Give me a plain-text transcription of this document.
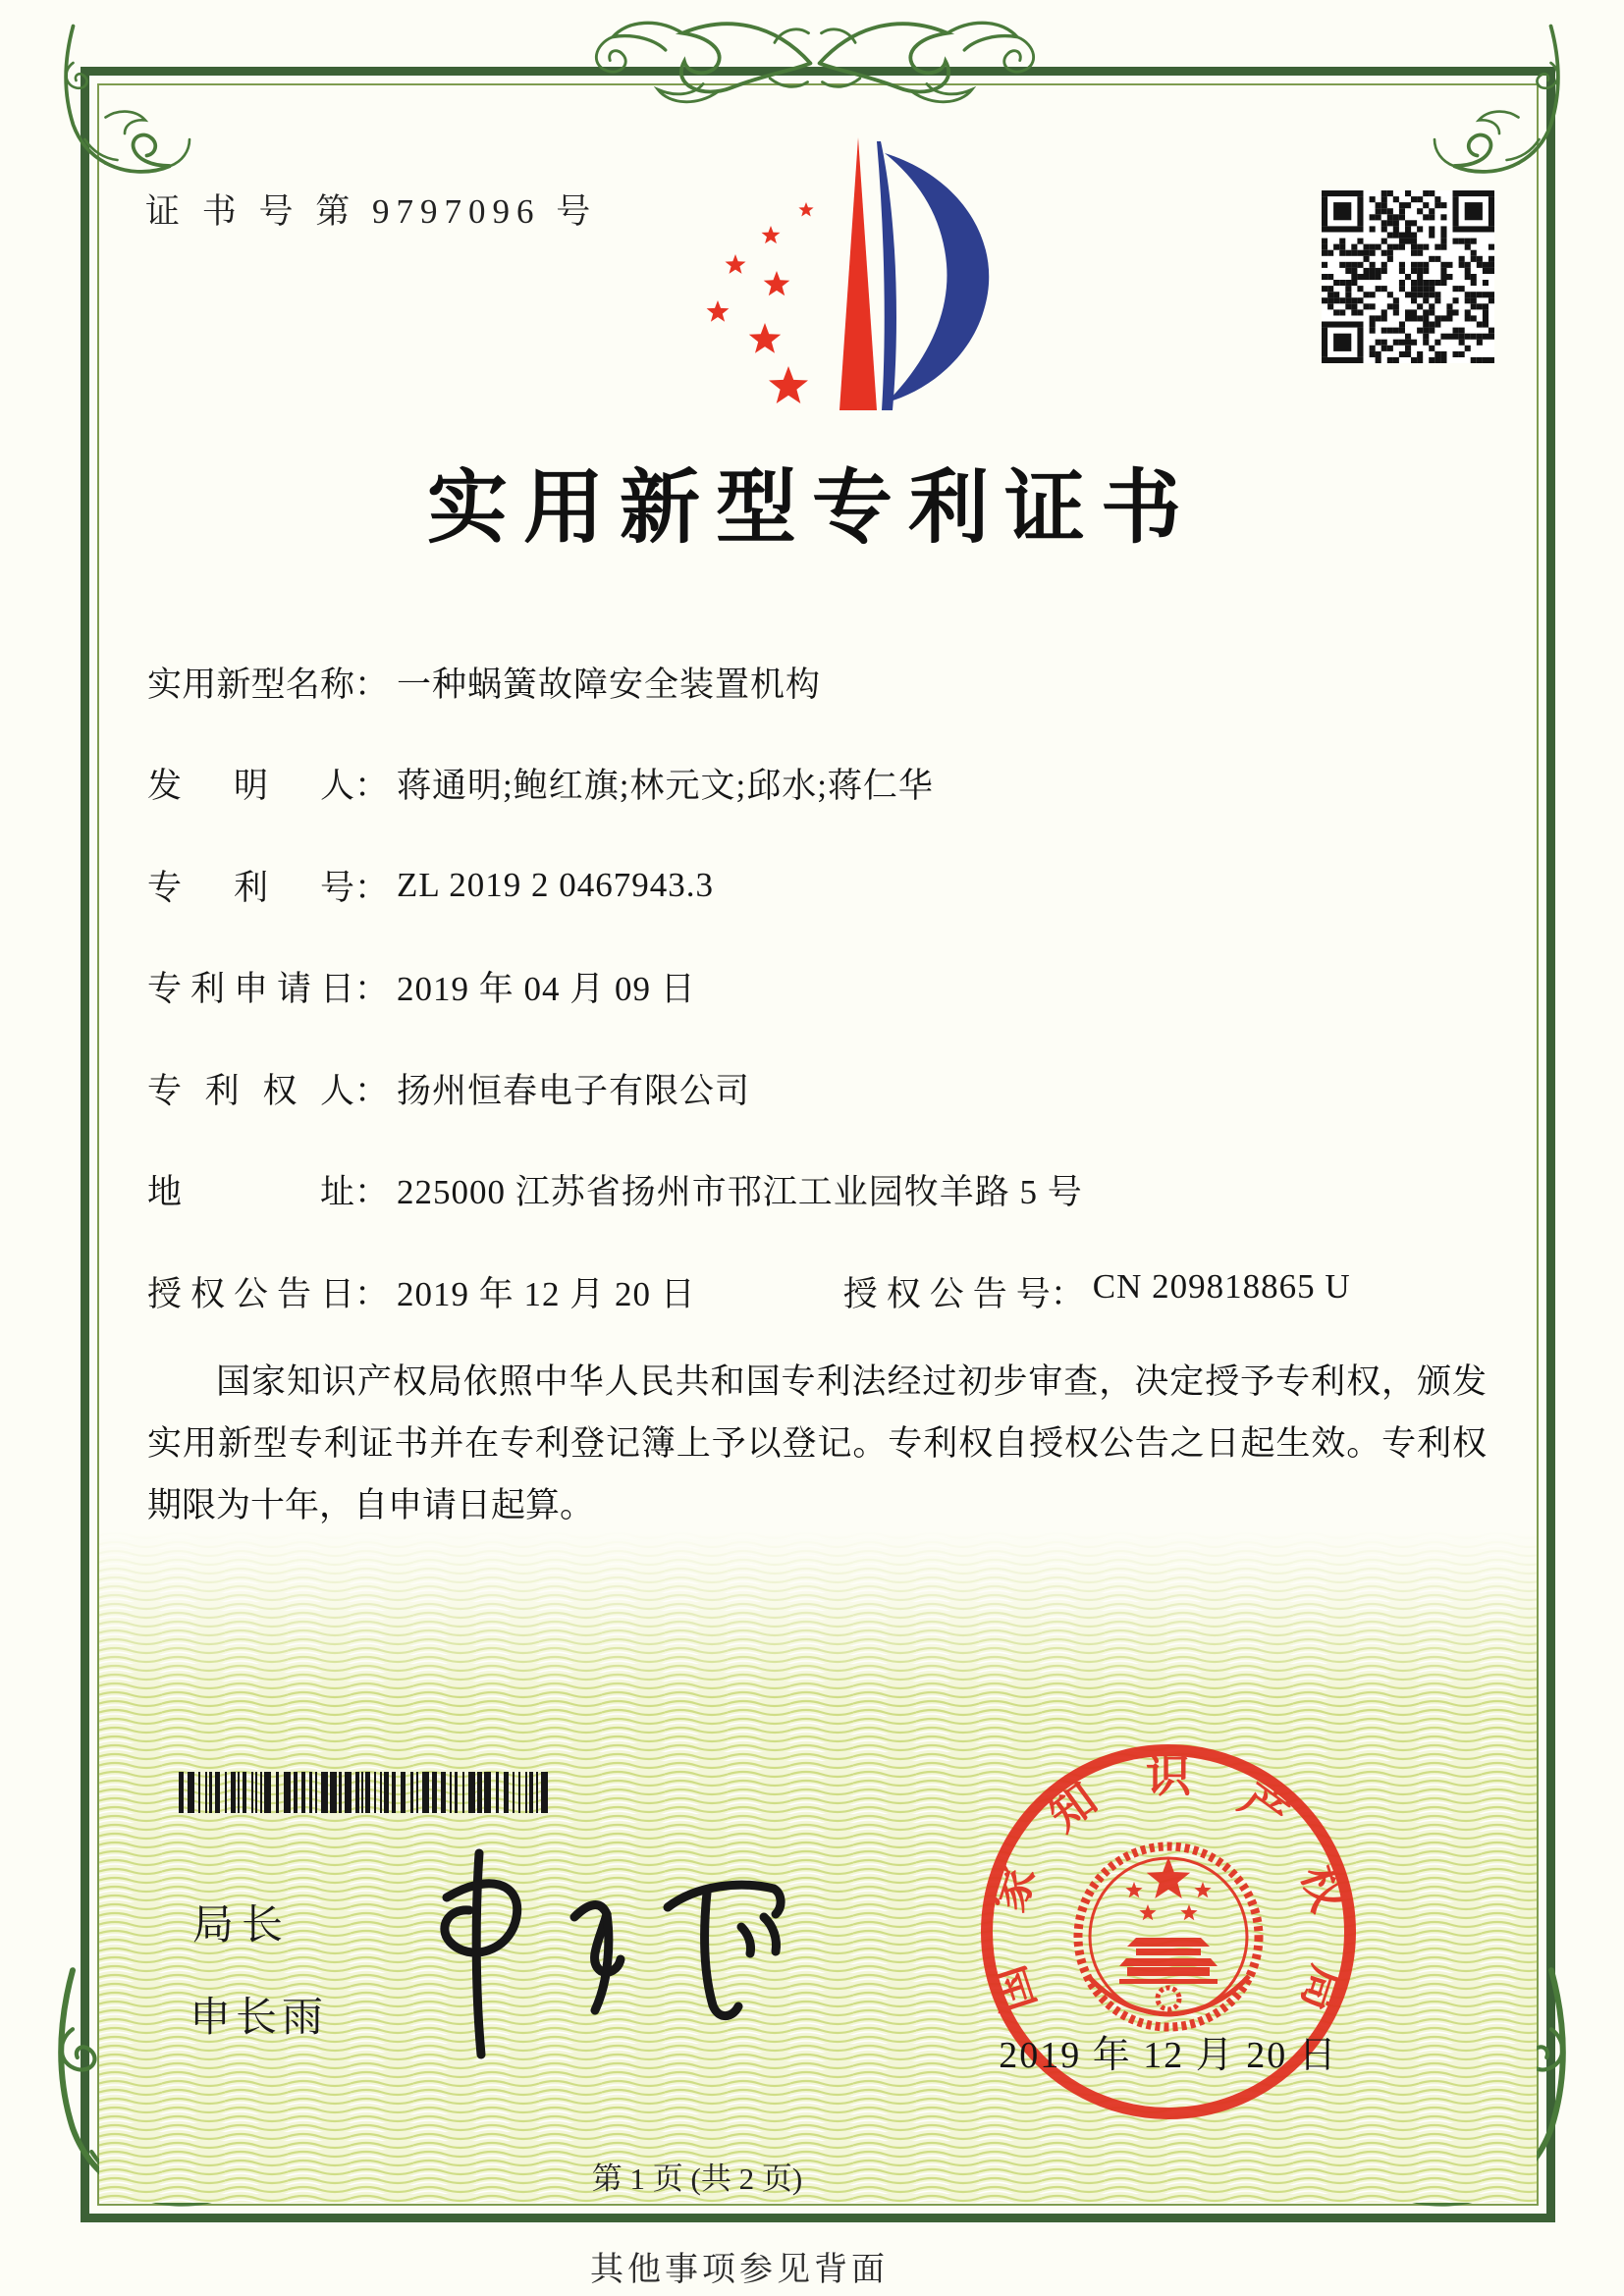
证 书 号 第 9797096 号
实用新型专利证书
实用新型名称 ： 一种蜗簧故障安全装置机构
发明人 ： 蒋通明;鲍红旗;林元文;邱水;蒋仁华
专利号 ： ZL 2019 2 0467943.3
专利申请日 ： 2019 年 04 月 09 日
专利权人 ： 扬州恒春电子有限公司
地址 ： 225000 江苏省扬州市邗江工业园牧羊路 5 号
授权公告日 ： 2019 年 12 月 20 日	授权公告号 ： CN 209818865 U

国家知识产权局依照中华人民共和国专利法经过初步审查，决定授予专利权，颁发实用新型专利证书并在专利登记簿上予以登记。专利权自授权公告之日起生效。专利权期限为十年，自申请日起算。

局长
申长雨	国
家
知 识 产
权
局
2019 年 12 月 20 日
第 1 页 (共 2 页)
其他事项参见背面
